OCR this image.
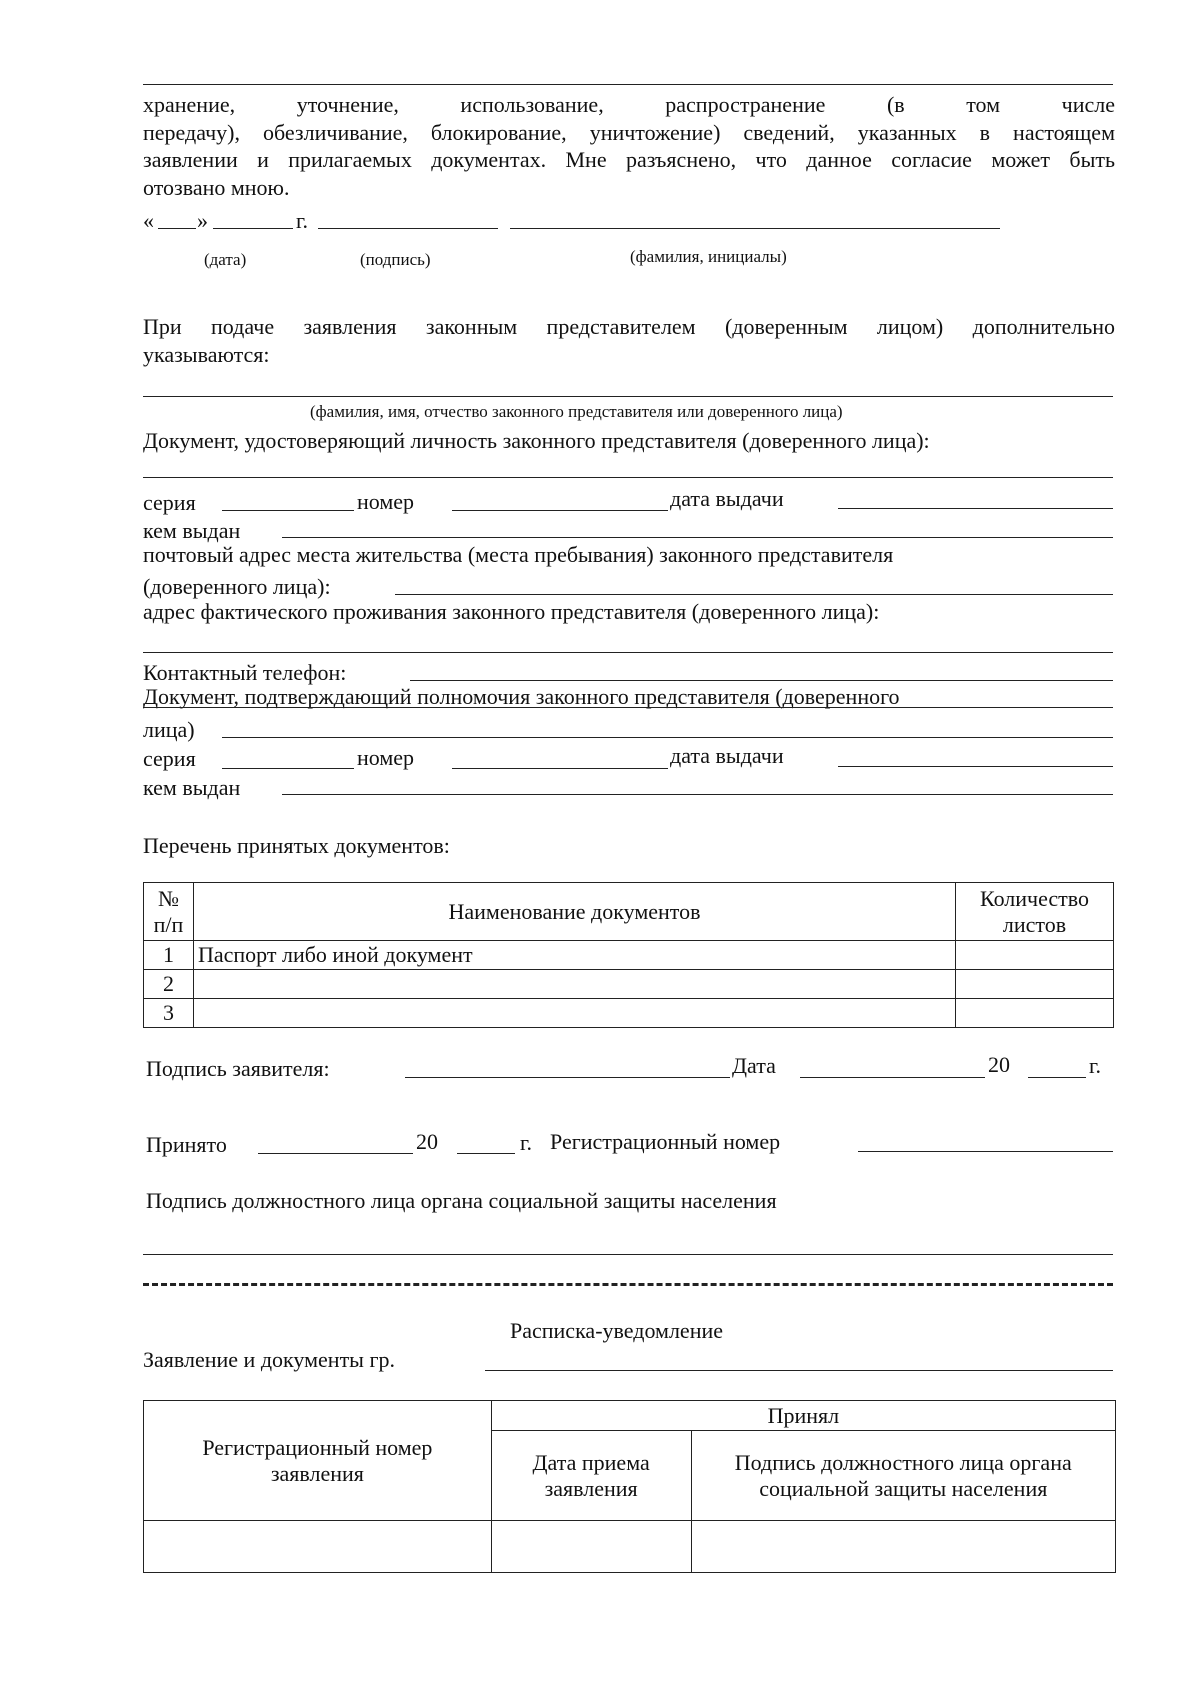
хранение,	уточнение,	использование,	распространение	(в	том	числе
передачу), обезличивание, блокирование, уничтожение) сведений, указанных в настоящем
заявлении и прилагаемых документах. Мне разъяснено, что данное согласие может быть
отозвано мною.
« »	г.
(дата)	(подпись)	(фамилия, инициалы)
При подаче заявления законным представителем (доверенным лицом) дополнительно
указываются:
(фамилия, имя, отчество законного представителя или доверенного лица)
Документ, удостоверяющий личность законного представителя (доверенного лица):
серия	номер	дата выдачи
кем выдан
почтовый адрес места жительства (места пребывания) законного представителя
(доверенного лица):
адрес фактического проживания законного представителя (доверенного лица):
Контактный телефон:
Документ, подтверждающий полномочия законного представителя (доверенного
лица)
серия	номер	дата выдачи
кем выдан
Перечень принятых документов:
№ п/п	Наименование документов	Количество листов
1	Паспорт либо иной документ	
2		
3		
Подпись заявителя:	Дата	20	г.
Принято	20	г. Регистрационный номер
Подпись должностного лица органа социальной защиты населения
Расписка-уведомление
Заявление и документы гр.
Регистрационный номер заявления	Принял	
	Дата приема заявления	Подпись должностного лица органа социальной защиты населения
